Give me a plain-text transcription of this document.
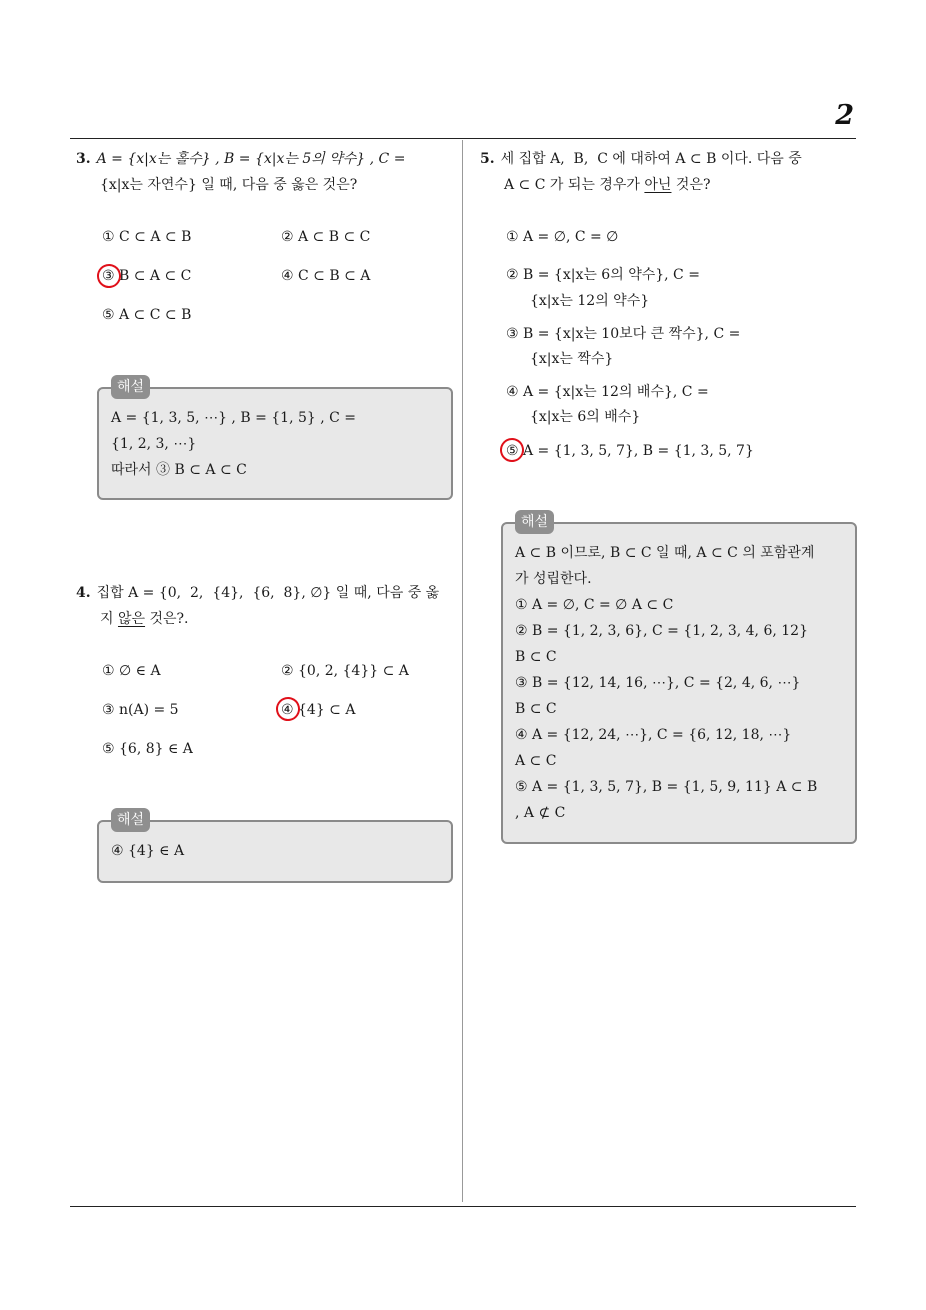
2
3. A = {x|x는 홀수} , B = {x|x는 5의 약수} , C =
{x|x는 자연수} 일 때, 다음 중 옳은 것은?
① C ⊂ A ⊂ B	② A ⊂ B ⊂ C
③ B ⊂ A ⊂ C	④ C ⊂ B ⊂ A
⑤ A ⊂ C ⊂ B
해설
A = {1, 3, 5, ⋯} , B = {1, 5} , C =
{1, 2, 3, ⋯}
따라서 ③ B ⊂ A ⊂ C
4. 집합 A = {0,  2,  {4},  {6,  8}, ∅} 일 때, 다음 중 옳
지 않은 것은?.
① ∅ ∈ A	② {0, 2, {4}} ⊂ A
③ n(A) = 5	④ {4} ⊂ A
⑤ {6, 8} ∈ A
해설
④ {4} ∈ A
5. 세 집합 A,  B,  C 에 대하여 A ⊂ B 이다. 다음 중
A ⊂ C 가 되는 경우가 아닌 것은?
① A = ∅, C = ∅
② B = {x|x는 6의 약수}, C =
{x|x는 12의 약수}
③ B = {x|x는 10보다 큰 짝수}, C =
{x|x는 짝수}
④ A = {x|x는 12의 배수}, C =
{x|x는 6의 배수}
⑤ A = {1, 3, 5, 7}, B = {1, 3, 5, 7}
해설
A ⊂ B 이므로, B ⊂ C 일 때, A ⊂ C 의 포함관계
가 성립한다.
① A = ∅, C = ∅ A ⊂ C
② B = {1, 2, 3, 6}, C = {1, 2, 3, 4, 6, 12}
B ⊂ C
③ B = {12, 14, 16, ⋯}, C = {2, 4, 6, ⋯}
B ⊂ C
④ A = {12, 24, ⋯}, C = {6, 12, 18, ⋯}
A ⊂ C
⑤ A = {1, 3, 5, 7}, B = {1, 5, 9, 11} A ⊂ B
, A ⊄ C
